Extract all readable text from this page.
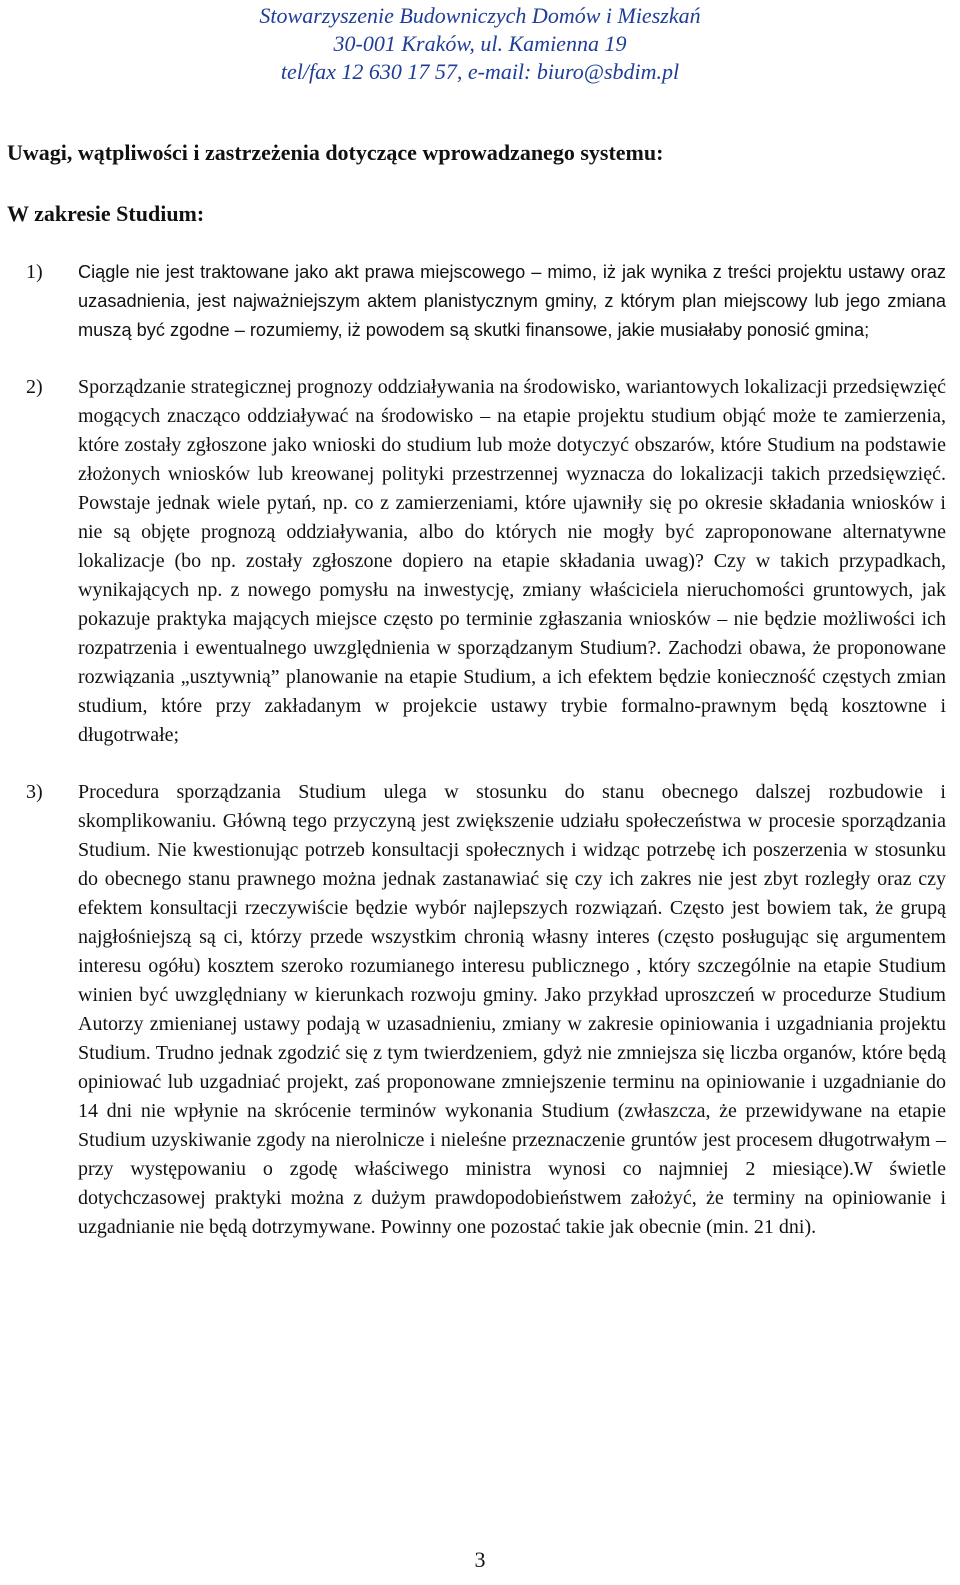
Stowarzyszenie Budowniczych Domów i Mieszkań
30-001 Kraków, ul. Kamienna 19
tel/fax 12 630 17 57, e-mail: biuro@sbdim.pl
Uwagi, wątpliwości i zastrzeżenia dotyczące wprowadzanego systemu:
W zakresie Studium:
1) Ciągle nie jest traktowane jako akt prawa miejscowego – mimo, iż jak wynika z treści projektu ustawy oraz uzasadnienia, jest najważniejszym aktem planistycznym gminy, z którym plan miejscowy lub jego zmiana muszą być zgodne – rozumiemy, iż powodem są skutki finansowe, jakie musiałaby ponosić gmina;
2) Sporządzanie strategicznej prognozy oddziaływania na środowisko, wariantowych lokalizacji przedsięwzięć mogących znacząco oddziaływać na środowisko – na etapie projektu studium objąć może te zamierzenia, które zostały zgłoszone jako wnioski do studium lub może dotyczyć obszarów, które Studium na podstawie złożonych wniosków lub kreowanej polityki przestrzennej wyznacza do lokalizacji takich przedsięwzięć. Powstaje jednak wiele pytań, np. co z zamierzeniami, które ujawniły się po okresie składania wniosków i nie są objęte prognozą oddziaływania, albo do których nie mogły być zaproponowane alternatywne lokalizacje (bo np. zostały zgłoszone dopiero na etapie składania uwag)? Czy w takich przypadkach, wynikających np. z nowego pomysłu na inwestycję, zmiany właściciela nieruchomości gruntowych, jak pokazuje praktyka mających miejsce często po terminie zgłaszania wniosków – nie będzie możliwości ich rozpatrzenia i ewentualnego uwzględnienia w sporządzanym Studium?. Zachodzi obawa, że proponowane rozwiązania „usztywnią” planowanie na etapie Studium, a ich efektem będzie konieczność częstych zmian studium, które przy zakładanym w projekcie ustawy trybie formalno-prawnym będą kosztowne i długotrwałe;
3) Procedura sporządzania Studium ulega w stosunku do stanu obecnego dalszej rozbudowie i skomplikowaniu. Główną tego przyczyną jest zwiększenie udziału społeczeństwa w procesie sporządzania Studium. Nie kwestionując potrzeb konsultacji społecznych i widząc potrzebę ich poszerzenia w stosunku do obecnego stanu prawnego można jednak zastanawiać się czy ich zakres nie jest zbyt rozległy oraz czy efektem konsultacji rzeczywiście będzie wybór najlepszych rozwiązań. Często jest bowiem tak, że grupą najgłośniejszą są ci, którzy przede wszystkim chronią własny interes (często posługując się argumentem interesu ogółu) kosztem szeroko rozumianego interesu publicznego , który szczególnie na etapie Studium winien być uwzględniany w kierunkach rozwoju gminy. Jako przykład uproszczeń w procedurze Studium Autorzy zmienianej ustawy podają w uzasadnieniu, zmiany w zakresie opiniowania i uzgadniania projektu Studium. Trudno jednak zgodzić się z tym twierdzeniem, gdyż nie zmniejsza się liczba organów, które będą opiniować lub uzgadniać projekt, zaś proponowane zmniejszenie terminu na opiniowanie i uzgadnianie do 14 dni nie wpłynie na skrócenie terminów wykonania Studium (zwłaszcza, że przewidywane na etapie Studium uzyskiwanie zgody na nierolnicze i nieleśne przeznaczenie gruntów jest procesem długotrwałym – przy występowaniu o zgodę właściwego ministra wynosi co najmniej 2 miesiące).W świetle dotychczasowej praktyki można z dużym prawdopodobieństwem założyć, że terminy na opiniowanie i uzgadnianie nie będą dotrzymywane. Powinny one pozostać takie jak obecnie (min. 21 dni).
3
